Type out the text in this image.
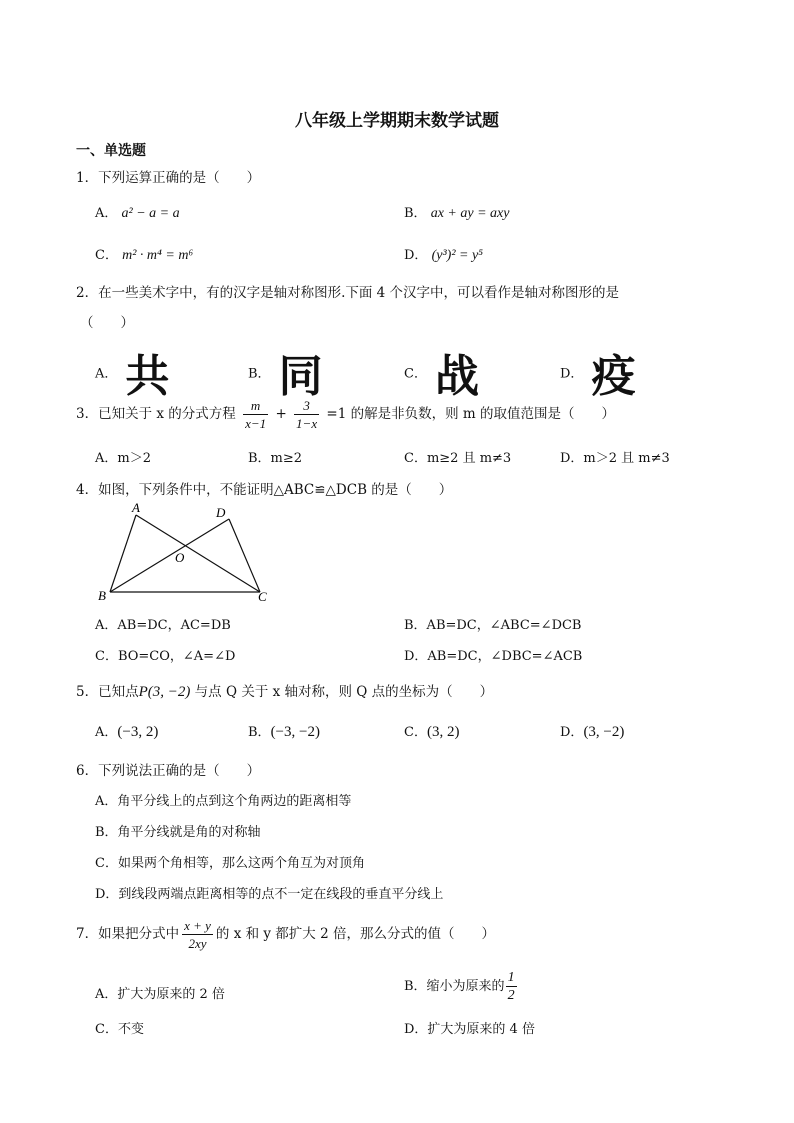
八年级上学期期末数学试题
一、单选题
1．下列运算正确的是（　　）
A． a² − a = a	B． ax + ay = axy
C． m² · m⁴ = m⁶	D． (y³)² = y⁵
2．在一些美术字中，有的汉字是轴对称图形.下面 4 个汉字中，可以看作是轴对称图形的是
（　　）
A． 共	B． 同	C． 战	D． 疫
3．已知关于 x 的分式方程 $\frac{m}{x-1} + \frac{3}{1-x} =1$ 的解是非负数，则 m 的取值范围是（　　）
A．m＞2	B．m≥2	C．m≥2 且 m≠3	D．m＞2 且 m≠3
4．如图，下列条件中，不能证明△ABC≌△DCB 的是（　　）
A	D
O
B	C
A．AB=DC，AC=DB	B．AB=DC，∠ABC=∠DCB
C．BO=CO，∠A=∠D	D．AB=DC，∠DBC=∠ACB
5．已知点P(3, −2) 与点 Q 关于 x 轴对称，则 Q 点的坐标为（　　）
A．(−3, 2)	B．(−3, −2)	C．(3, 2)	D．(3, −2)
6．下列说法正确的是（　　）
A．角平分线上的点到这个角两边的距离相等
B．角平分线就是角的对称轴
C．如果两个角相等，那么这两个角互为对顶角
D．到线段两端点距离相等的点不一定在线段的垂直平分线上
7．如果把分式中 $\frac{x + y}{2xy}$ 的 x 和 y 都扩大 2 倍，那么分式的值（　　）
A．扩大为原来的 2 倍
B．缩小为原来的 $\frac{1}{2}$
C．不变	D．扩大为原来的 4 倍
